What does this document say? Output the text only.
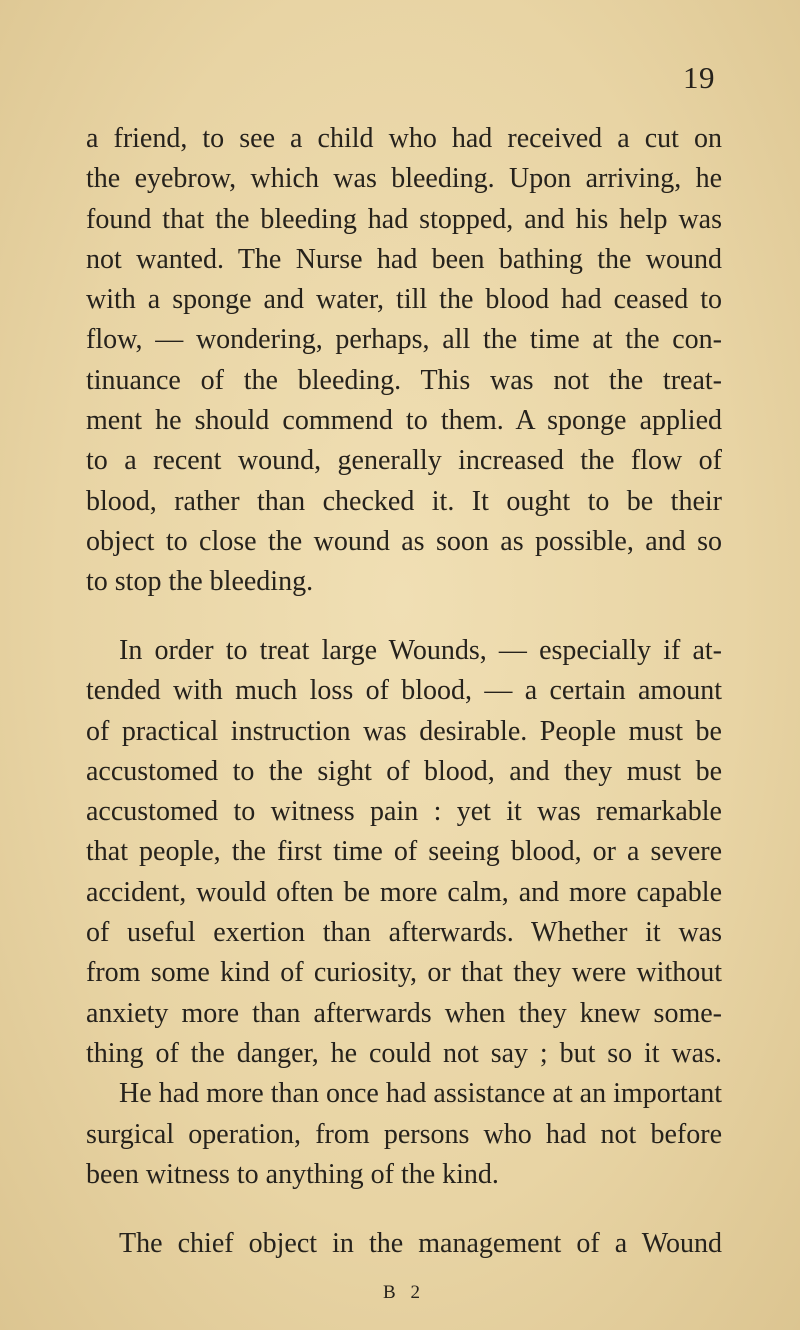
19

a friend, to see a child who had received a cut on
the eyebrow, which was bleeding. Upon arriving, he
found that the bleeding had stopped, and his help was
not wanted. The Nurse had been bathing the wound
with a sponge and water, till the blood had ceased to
flow, — wondering, perhaps, all the time at the con-
tinuance of the bleeding. This was not the treat-
ment he should commend to them. A sponge applied
to a recent wound, generally increased the flow of
blood, rather than checked it. It ought to be their
object to close the wound as soon as possible, and so
to stop the bleeding.

In order to treat large Wounds, — especially if at-
tended with much loss of blood, — a certain amount
of practical instruction was desirable. People must be
accustomed to the sight of blood, and they must be
accustomed to witness pain : yet it was remarkable
that people, the first time of seeing blood, or a severe
accident, would often be more calm, and more capable
of useful exertion than afterwards. Whether it was
from some kind of curiosity, or that they were without
anxiety more than afterwards when they knew some-
thing of the danger, he could not say ; but so it was.
He had more than once had assistance at an important
surgical operation, from persons who had not before
been witness to anything of the kind.

The chief object in the management of a Wound

B 2
